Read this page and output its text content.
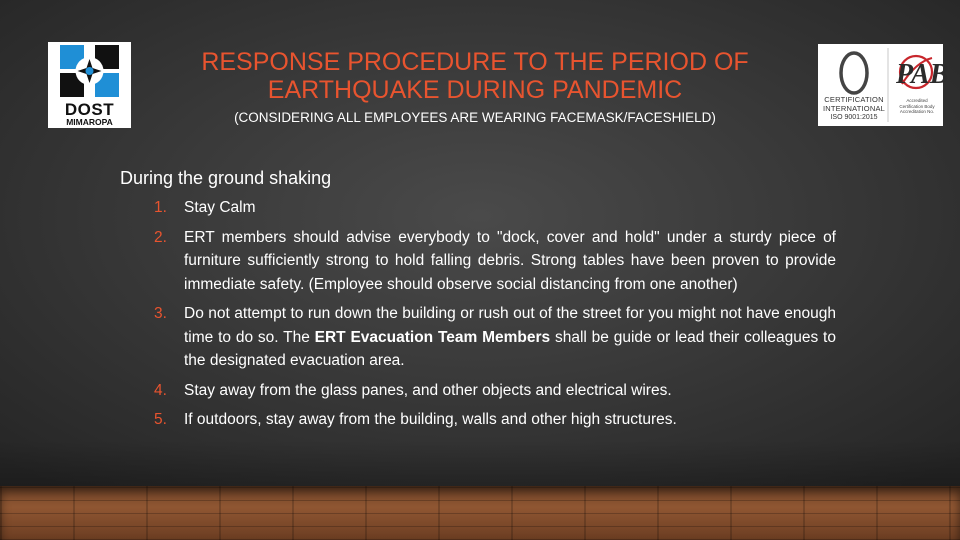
DOST
MIMAROPA
CERTIFICATION
INTERNATIONAL
ISO 9001:2015
PAB
Accredited Certification Body Accreditation No.
RESPONSE PROCEDURE TO THE PERIOD OF EARTHQUAKE DURING PANDEMIC

(CONSIDERING ALL EMPLOYEES ARE WEARING FACEMASK/FACESHIELD)

During the ground shaking
1. Stay Calm
2. ERT members should advise everybody to "dock, cover and hold" under a sturdy piece of furniture sufficiently strong to hold falling debris. Strong tables have been proven to provide immediate safety. (Employee should observe social distancing from one another)
3. Do not attempt to run down the building or rush out of the street for you might not have enough time to do so. The ERT Evacuation Team Members shall be guide or lead their colleagues to the designated evacuation area.
4. Stay away from the glass panes, and other objects and electrical wires.
5. If outdoors, stay away from the building, walls and other high structures.
